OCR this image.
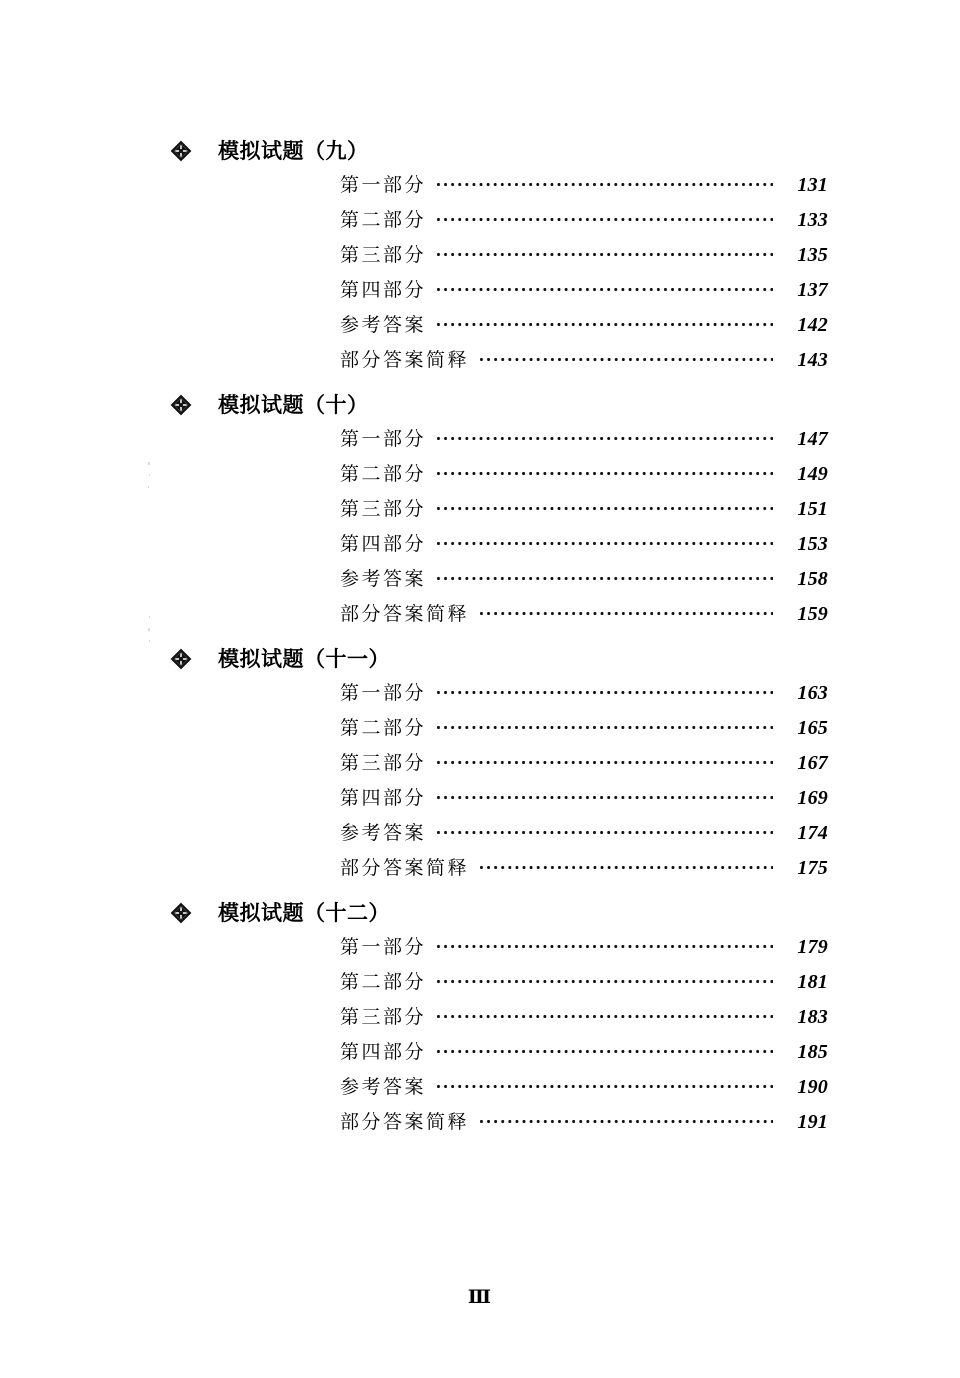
模拟试题（九）
第一部分	131
第二部分	133
第三部分	135
第四部分	137
参考答案	142
部分答案简释	143
模拟试题（十）
第一部分	147
第二部分	149
第三部分	151
第四部分	153
参考答案	158
部分答案简释	159
模拟试题（十一）
第一部分	163
第二部分	165
第三部分	167
第四部分	169
参考答案	174
部分答案简释	175
模拟试题（十二）
第一部分	179
第二部分	181
第三部分	183
第四部分	185
参考答案	190
部分答案简释	191
Ⅲ
